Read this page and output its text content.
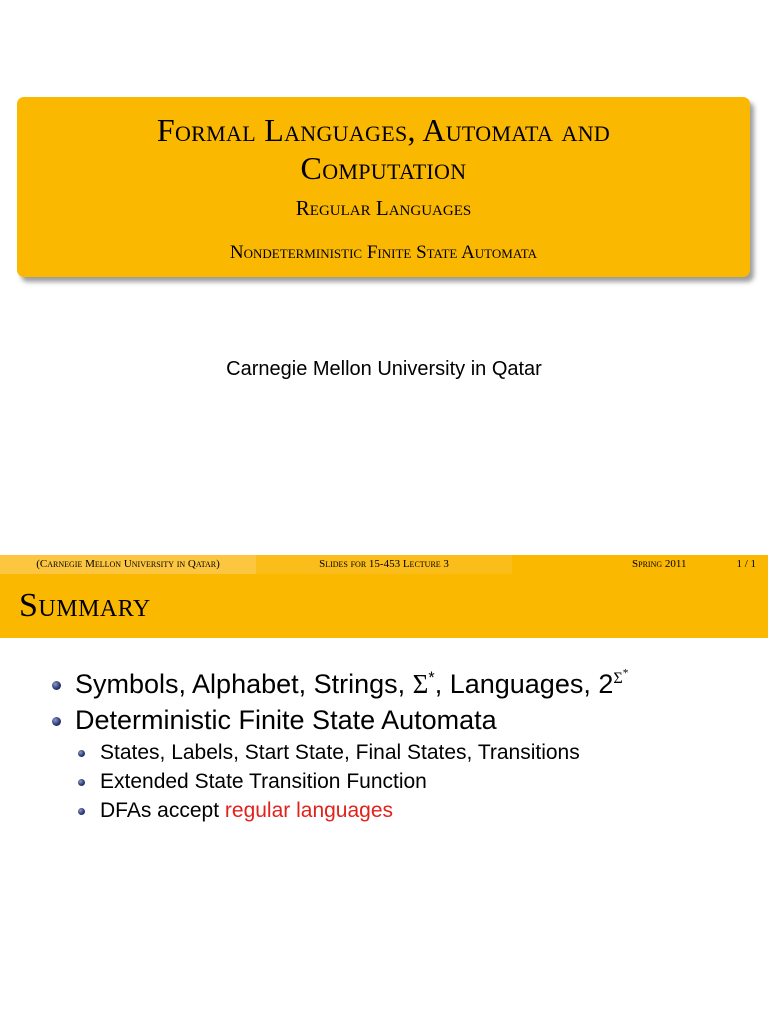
Formal Languages, Automata and
Computation
Regular Languages
Nondeterministic Finite State Automata
Carnegie Mellon University in Qatar
(Carnegie Mellon University in Qatar)	Slides for 15-453 Lecture 3	Spring 2011	1 / 1
Summary
Symbols, Alphabet, Strings, Σ*, Languages, $2^{\Sigma^*}$
Deterministic Finite State Automata
States, Labels, Start State, Final States, Transitions
Extended State Transition Function
DFAs accept regular languages
